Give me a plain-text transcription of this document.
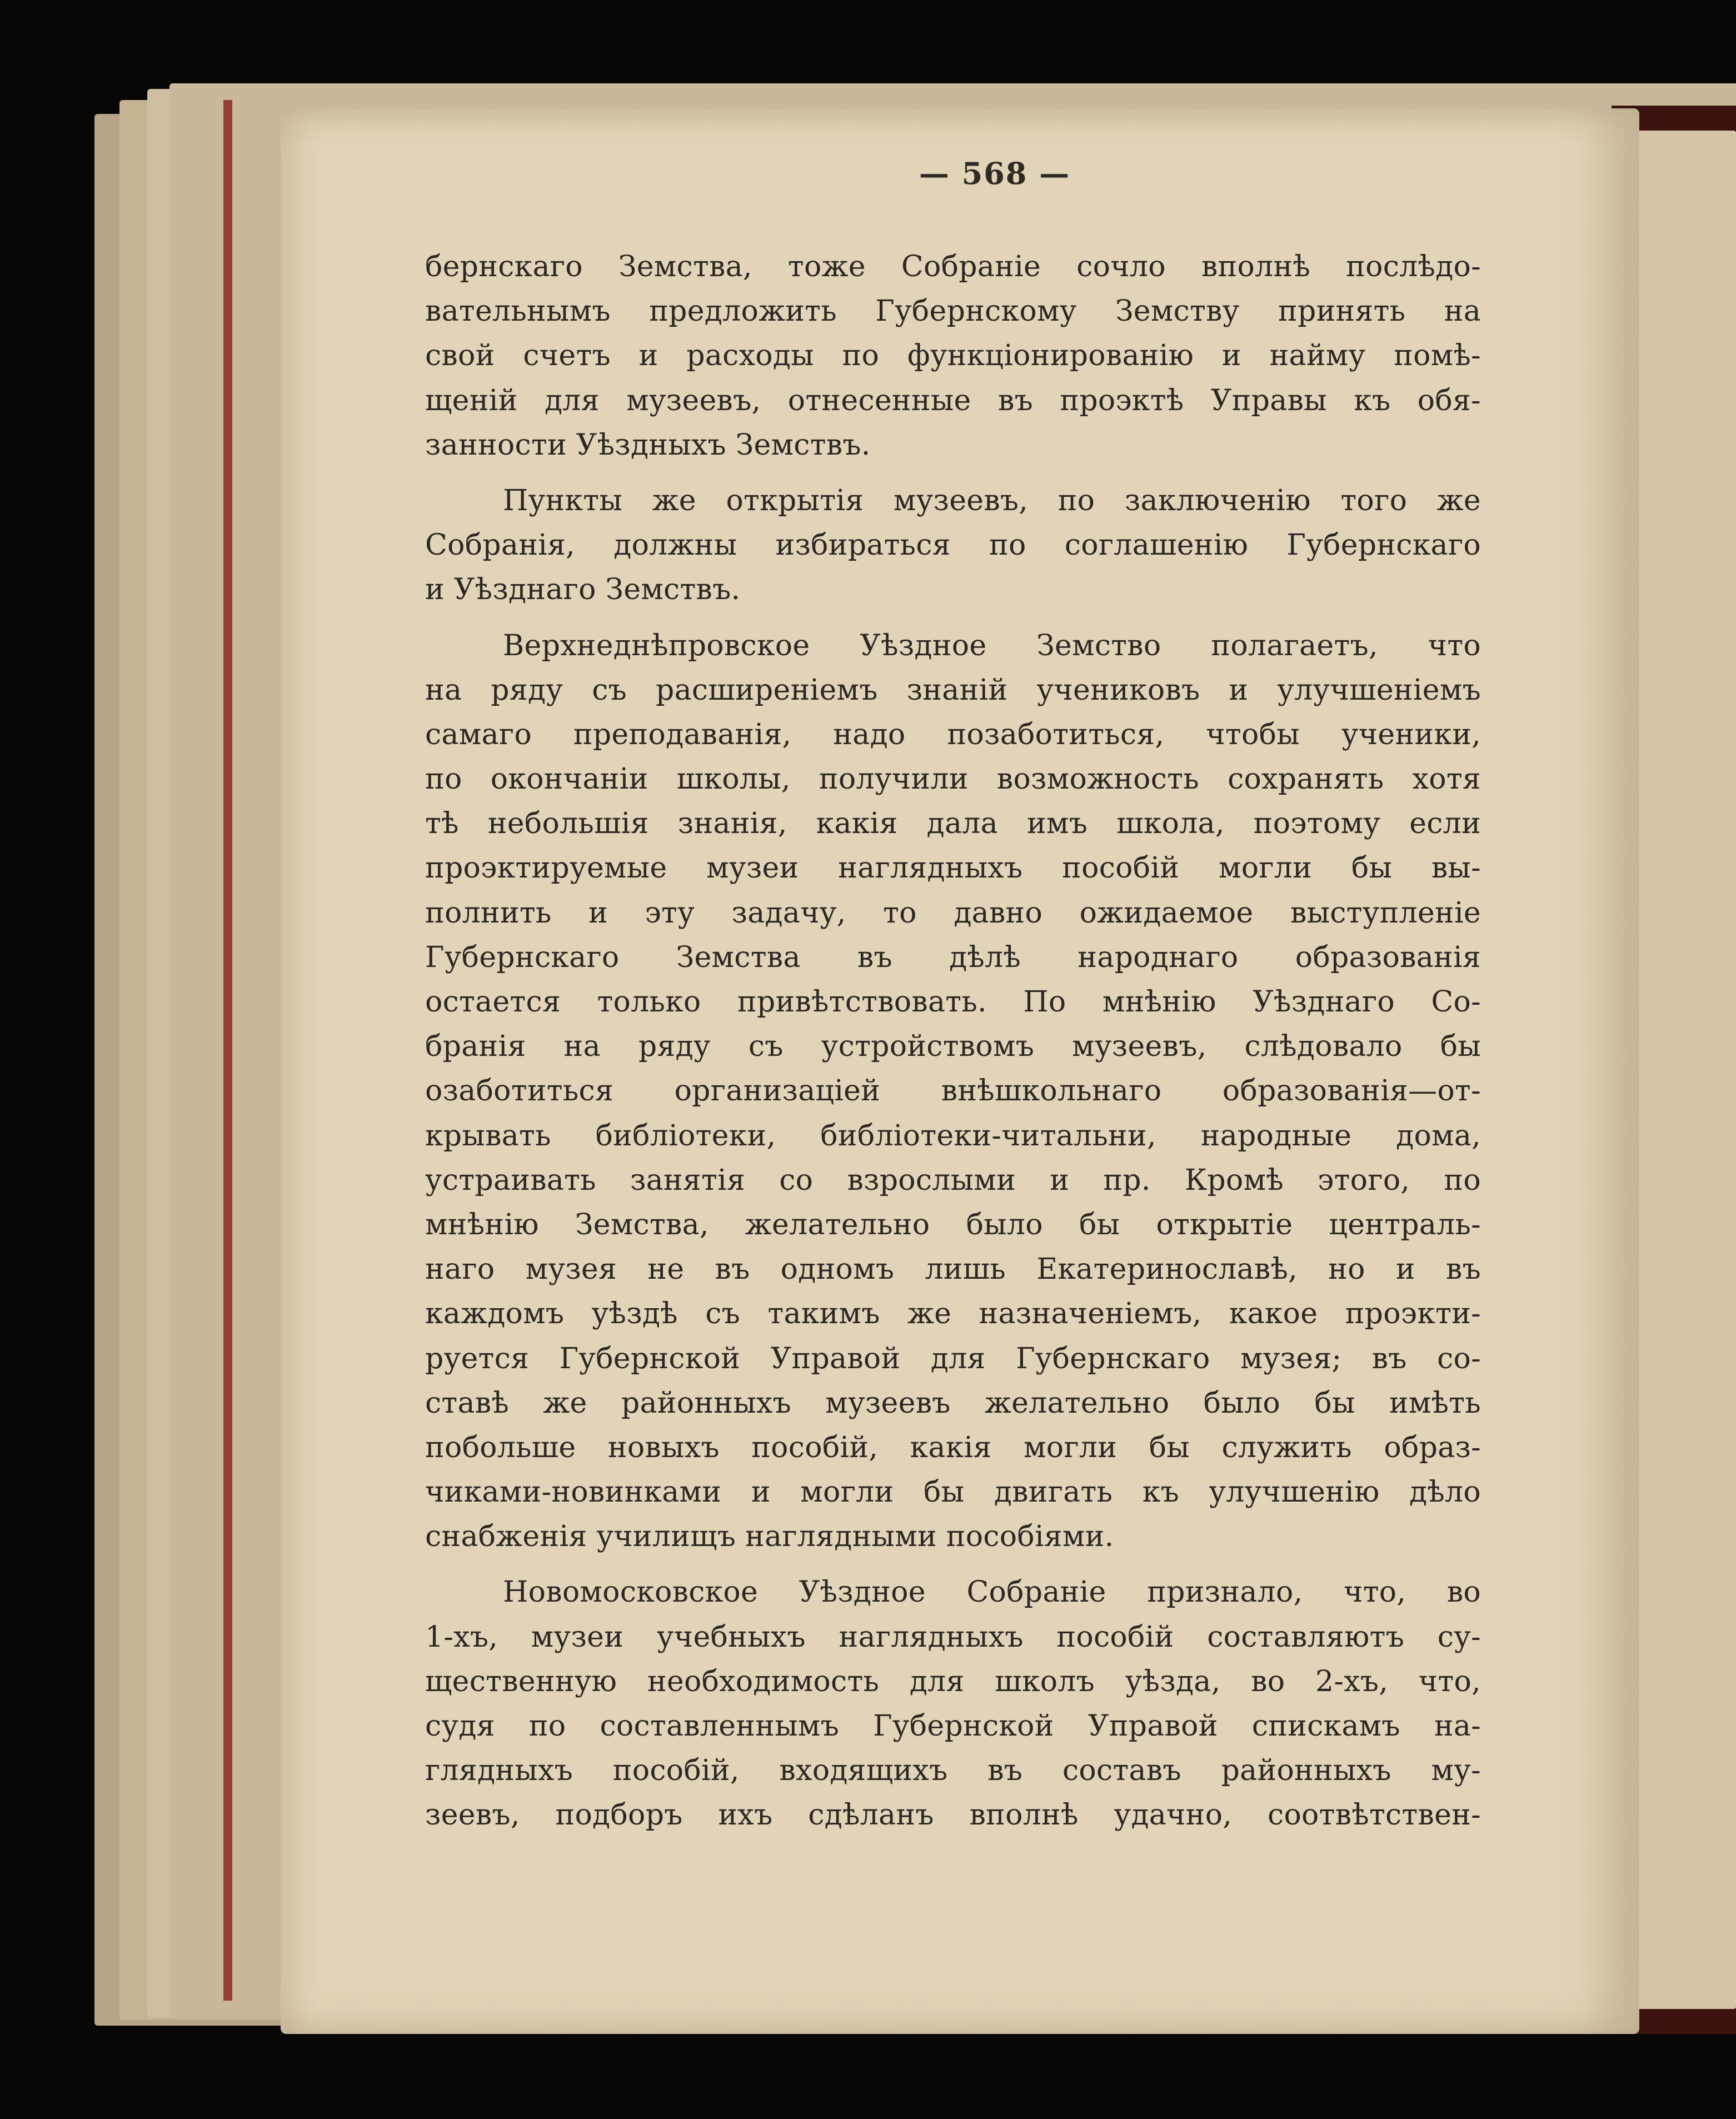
— 568 —
бернскаго Земства, тоже Собраніе сочло вполнѣ послѣдо-
вательнымъ предложить Губернскому Земству принять на
свой счетъ и расходы по функціонированію и найму помѣ-
щеній для музеевъ, отнесенные въ проэктѣ Управы къ обя-
занности Уѣздныхъ Земствъ.
Пункты же открытія музеевъ, по заключенію того же
Собранія, должны избираться по соглашенію Губернскаго
и Уѣзднаго Земствъ.
Верхнеднѣпровское Уѣздное Земство полагаетъ, что
на ряду съ расширеніемъ знаній учениковъ и улучшеніемъ
самаго преподаванія, надо позаботиться, чтобы ученики,
по окончаніи школы, получили возможность сохранять хотя
тѣ небольшія знанія, какія дала имъ школа, поэтому если
проэктируемые музеи наглядныхъ пособій могли бы вы-
полнить и эту задачу, то давно ожидаемое выступленіе
Губернскаго Земства въ дѣлѣ народнаго образованія
остается только привѣтствовать. По мнѣнію Уѣзднаго Со-
бранія на ряду съ устройствомъ музеевъ, слѣдовало бы
озаботиться организаціей внѣшкольнаго образованія—от-
крывать библіотеки, библіотеки-читальни, народные дома,
устраивать занятія со взрослыми и пр. Кромѣ этого, по
мнѣнію Земства, желательно было бы открытіе централь-
наго музея не въ одномъ лишь Екатеринославѣ, но и въ
каждомъ уѣздѣ съ такимъ же назначеніемъ, какое проэкти-
руется Губернской Управой для Губернскаго музея; въ со-
ставѣ же районныхъ музеевъ желательно было бы имѣть
побольше новыхъ пособій, какія могли бы служить образ-
чиками-новинками и могли бы двигать къ улучшенію дѣло
снабженія училищъ наглядными пособіями.
Новомосковское Уѣздное Собраніе признало, что, во
1-хъ, музеи учебныхъ наглядныхъ пособій составляютъ су-
щественную необходимость для школъ уѣзда, во 2-хъ, что,
судя по составленнымъ Губернской Управой спискамъ на-
глядныхъ пособій, входящихъ въ составъ районныхъ му-
зеевъ, подборъ ихъ сдѣланъ вполнѣ удачно, соотвѣтствен-
